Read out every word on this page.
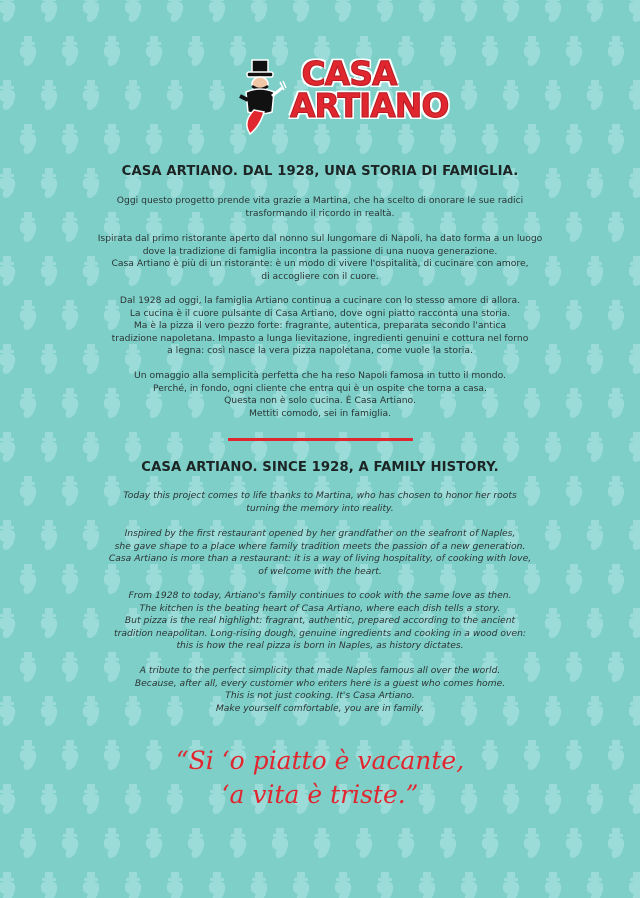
CASA
ARTIANO
CASA ARTIANO. DAL 1928, UNA STORIA DI FAMIGLIA.

Oggi questo progetto prende vita grazie a Martina, che ha scelto di onorare le sue radici
trasformando il ricordo in realtà.

Ispirata dal primo ristorante aperto dal nonno sul lungomare di Napoli, ha dato forma a un luogo
dove la tradizione di famiglia incontra la passione di una nuova generazione.
Casa Artiano è più di un ristorante: è un modo di vivere l'ospitalità, di cucinare con amore,
di accogliere con il cuore.

Dal 1928 ad oggi, la famiglia Artiano continua a cucinare con lo stesso amore di allora.
La cucina è il cuore pulsante di Casa Artiano, dove ogni piatto racconta una storia.
Ma è la pizza il vero pezzo forte: fragrante, autentica, preparata secondo l'antica
tradizione napoletana. Impasto a lunga lievitazione, ingredienti genuini e cottura nel forno
a legna: così nasce la vera pizza napoletana, come vuole la storia.

Un omaggio alla semplicità perfetta che ha reso Napoli famosa in tutto il mondo.
Perché, in fondo, ogni cliente che entra qui è un ospite che torna a casa.
Questa non è solo cucina. È Casa Artiano.
Mettiti comodo, sei in famiglia.

CASA ARTIANO. SINCE 1928, A FAMILY HISTORY.

Today this project comes to life thanks to Martina, who has chosen to honor her roots
turning the memory into reality.

Inspired by the first restaurant opened by her grandfather on the seafront of Naples,
she gave shape to a place where family tradition meets the passion of a new generation.
Casa Artiano is more than a restaurant: it is a way of living hospitality, of cooking with love,
of welcome with the heart.

From 1928 to today, Artiano's family continues to cook with the same love as then.
The kitchen is the beating heart of Casa Artiano, where each dish tells a story.
But pizza is the real highlight: fragrant, authentic, prepared according to the ancient
tradition neapolitan. Long-rising dough, genuine ingredients and cooking in a wood oven:
this is how the real pizza is born in Naples, as history dictates.

A tribute to the perfect simplicity that made Naples famous all over the world.
Because, after all, every customer who enters here is a guest who comes home.
This is not just cooking. It's Casa Artiano.
Make yourself comfortable, you are in family.

“Si ‘o piatto è vacante,
‘a vita è triste.”
